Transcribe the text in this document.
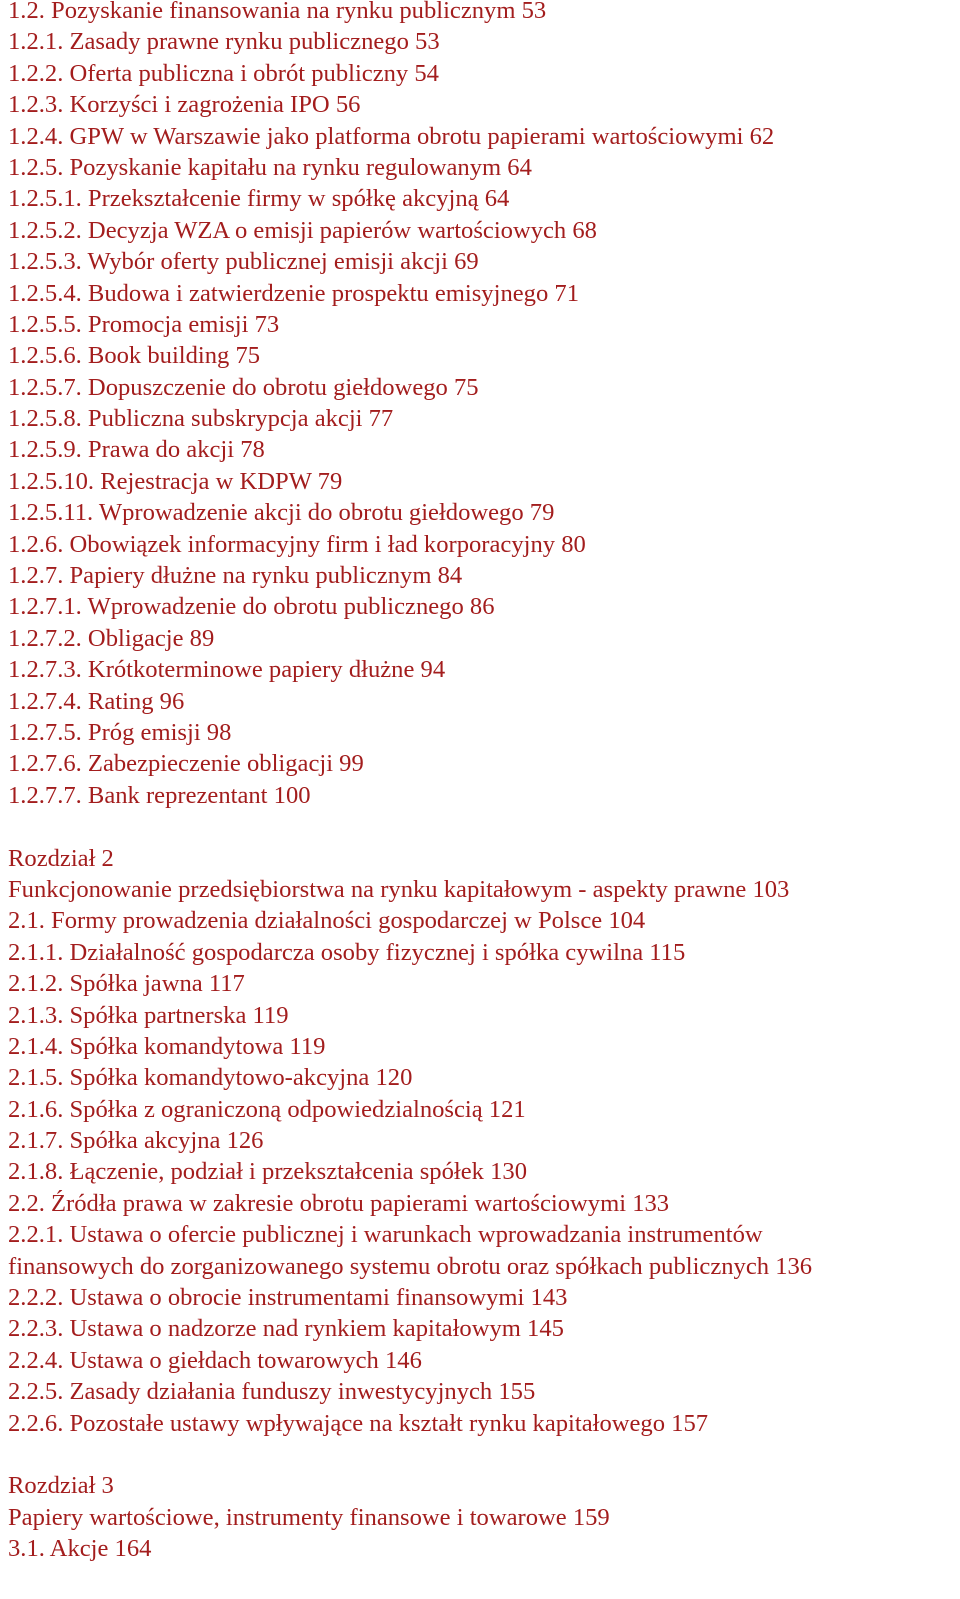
1.2. Pozyskanie finansowania na rynku publicznym 53
1.2.1. Zasady prawne rynku publicznego 53
1.2.2. Oferta publiczna i obrót publiczny 54
1.2.3. Korzyści i zagrożenia IPO 56
1.2.4. GPW w Warszawie jako platforma obrotu papierami wartościowymi 62
1.2.5. Pozyskanie kapitału na rynku regulowanym 64
1.2.5.1. Przekształcenie firmy w spółkę akcyjną 64
1.2.5.2. Decyzja WZA o emisji papierów wartościowych 68
1.2.5.3. Wybór oferty publicznej emisji akcji 69
1.2.5.4. Budowa i zatwierdzenie prospektu emisyjnego 71
1.2.5.5. Promocja emisji 73
1.2.5.6. Book building 75
1.2.5.7. Dopuszczenie do obrotu giełdowego 75
1.2.5.8. Publiczna subskrypcja akcji 77
1.2.5.9. Prawa do akcji 78
1.2.5.10. Rejestracja w KDPW 79
1.2.5.11. Wprowadzenie akcji do obrotu giełdowego 79
1.2.6. Obowiązek informacyjny firm i ład korporacyjny 80
1.2.7. Papiery dłużne na rynku publicznym 84
1.2.7.1. Wprowadzenie do obrotu publicznego 86
1.2.7.2. Obligacje 89
1.2.7.3. Krótkoterminowe papiery dłużne 94
1.2.7.4. Rating 96
1.2.7.5. Próg emisji 98
1.2.7.6. Zabezpieczenie obligacji 99
1.2.7.7. Bank reprezentant 100
Rozdział 2
Funkcjonowanie przedsiębiorstwa na rynku kapitałowym - aspekty prawne 103
2.1. Formy prowadzenia działalności gospodarczej w Polsce 104
2.1.1. Działalność gospodarcza osoby fizycznej i spółka cywilna 115
2.1.2. Spółka jawna 117
2.1.3. Spółka partnerska 119
2.1.4. Spółka komandytowa 119
2.1.5. Spółka komandytowo-akcyjna 120
2.1.6. Spółka z ograniczoną odpowiedzialnością 121
2.1.7. Spółka akcyjna 126
2.1.8. Łączenie, podział i przekształcenia spółek 130
2.2. Źródła prawa w zakresie obrotu papierami wartościowymi 133
2.2.1. Ustawa o ofercie publicznej i warunkach wprowadzania instrumentów
finansowych do zorganizowanego systemu obrotu oraz spółkach publicznych 136
2.2.2. Ustawa o obrocie instrumentami finansowymi 143
2.2.3. Ustawa o nadzorze nad rynkiem kapitałowym 145
2.2.4. Ustawa o giełdach towarowych 146
2.2.5. Zasady działania funduszy inwestycyjnych 155
2.2.6. Pozostałe ustawy wpływające na kształt rynku kapitałowego 157
Rozdział 3
Papiery wartościowe, instrumenty finansowe i towarowe 159
3.1. Akcje 164
